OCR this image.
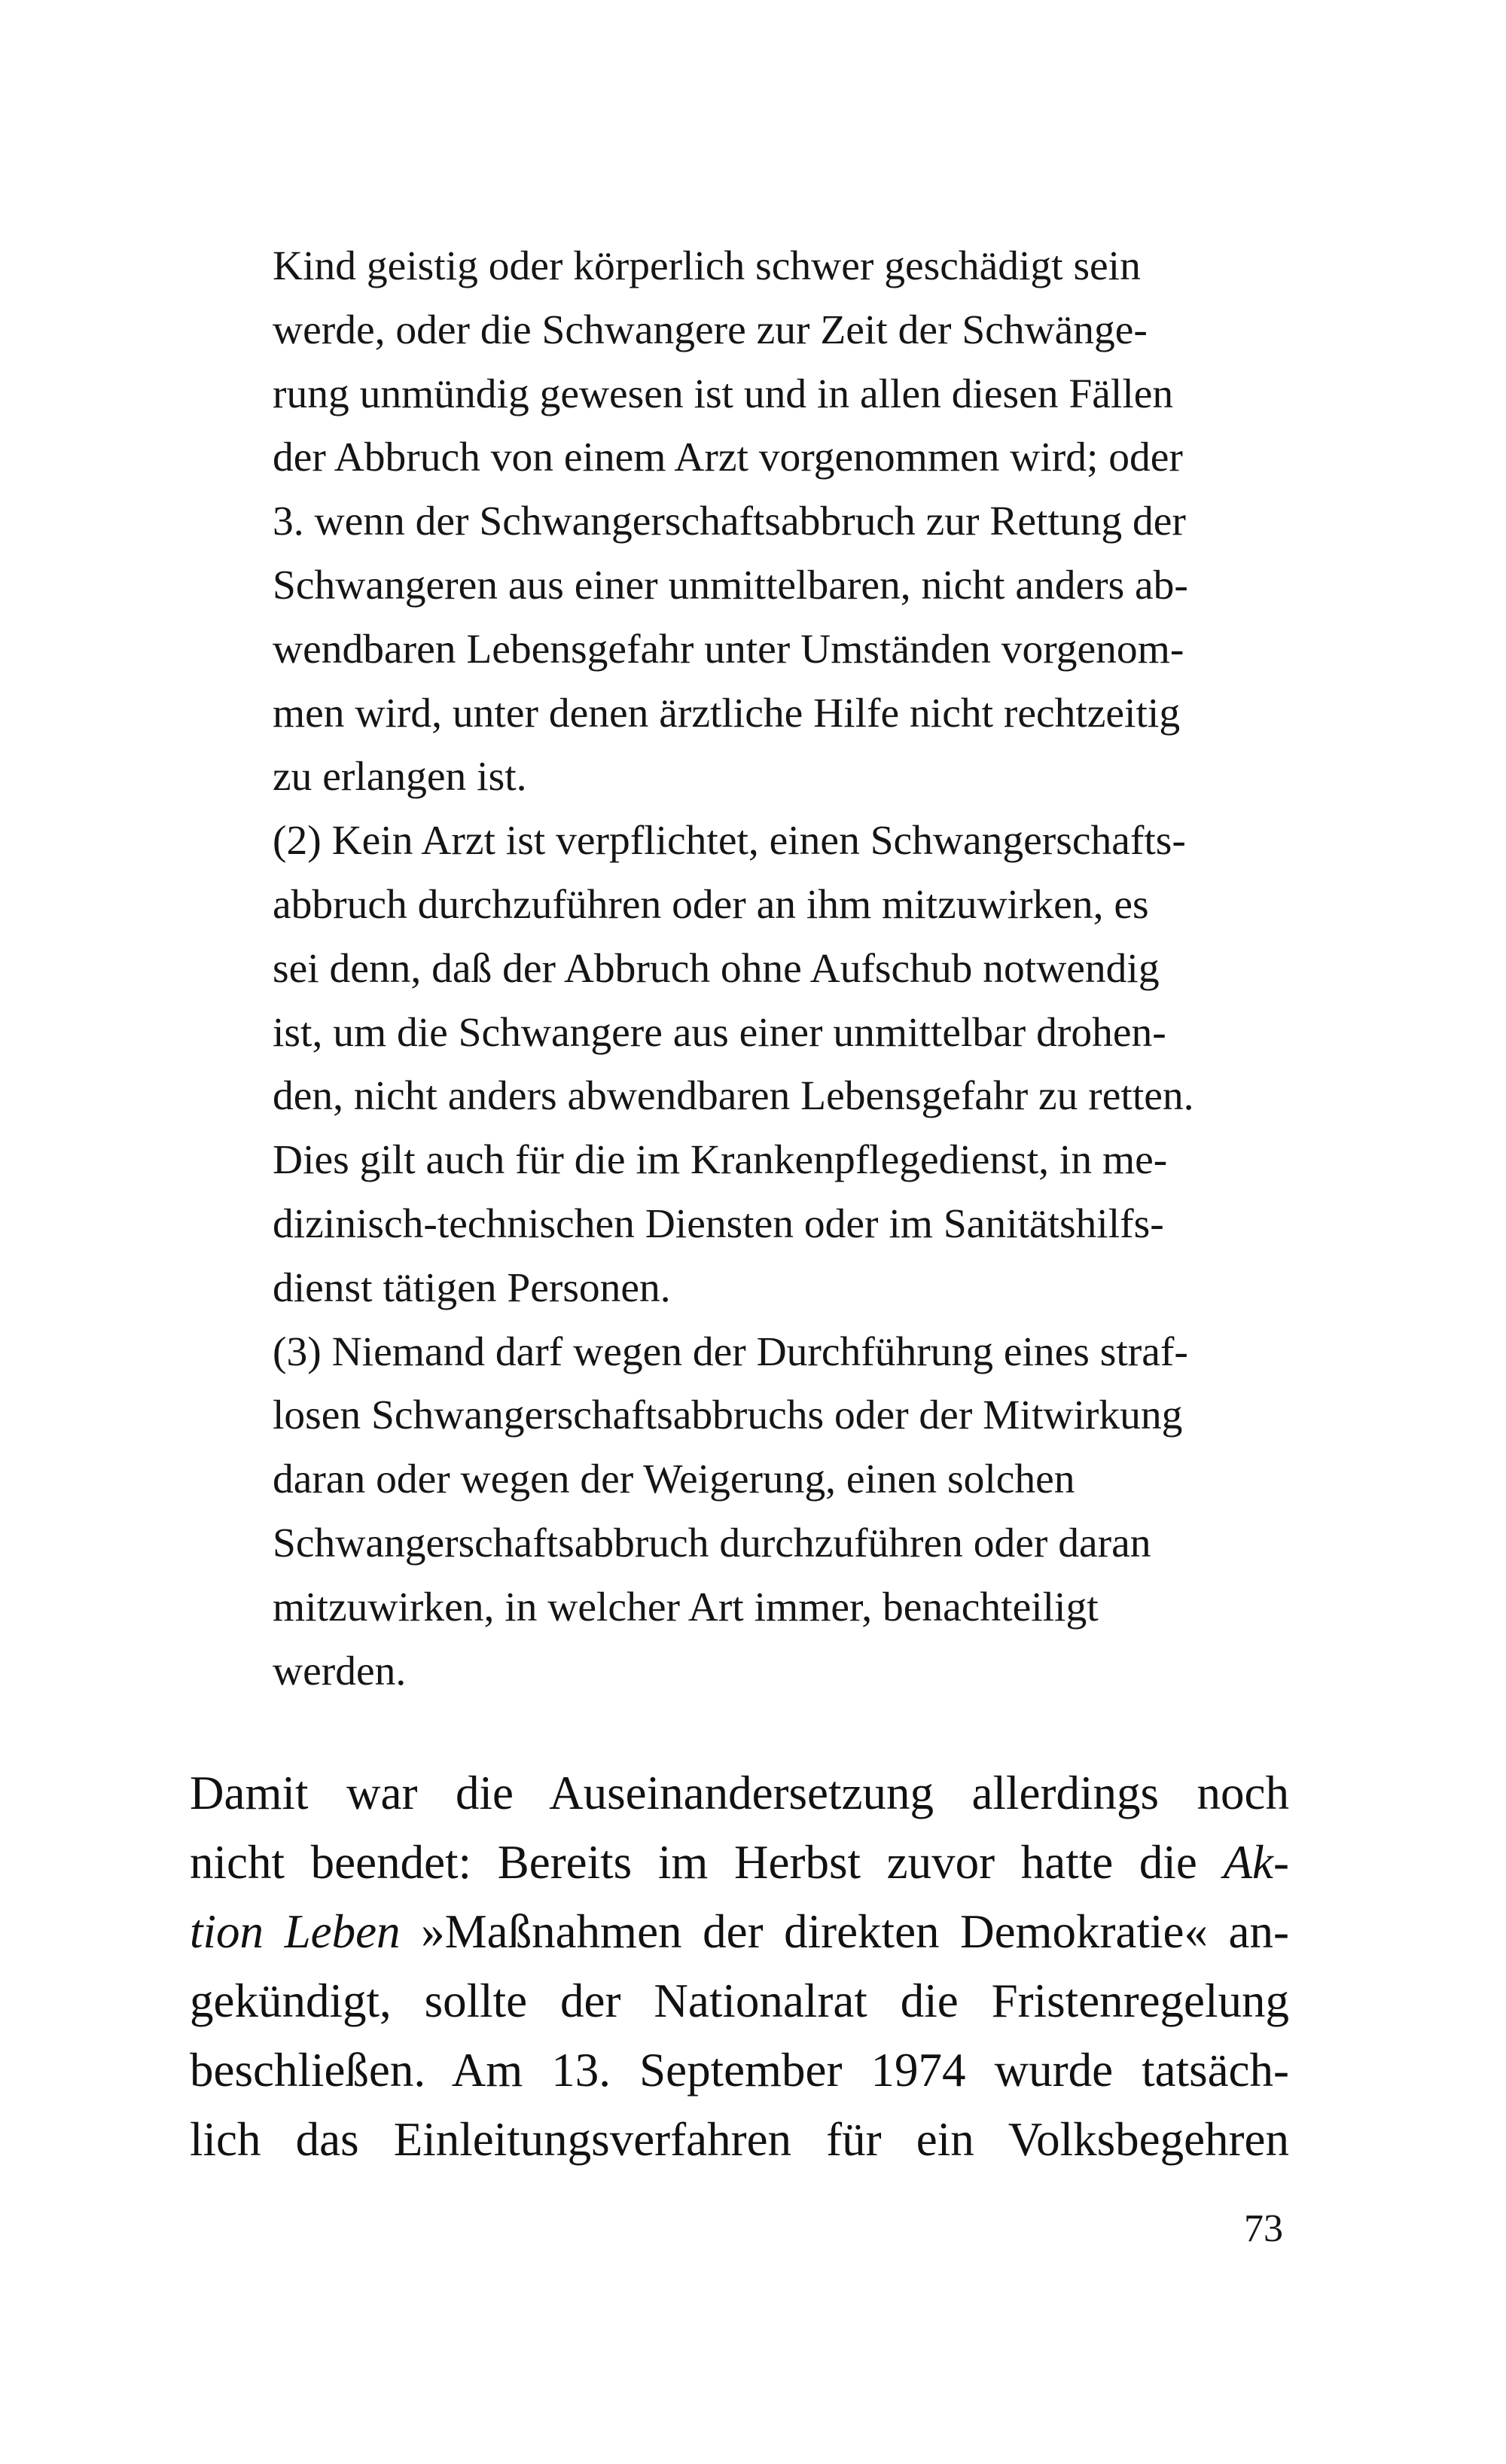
Kind geistig oder körperlich schwer geschädigt sein
werde, oder die Schwangere zur Zeit der Schwänge-
rung unmündig gewesen ist und in allen diesen Fällen
der Abbruch von einem Arzt vorgenommen wird; oder
3. wenn der Schwangerschaftsabbruch zur Rettung der
Schwangeren aus einer unmittelbaren, nicht anders ab-
wendbaren Lebensgefahr unter Umständen vorgenom-
men wird, unter denen ärztliche Hilfe nicht rechtzeitig
zu erlangen ist.
(2) Kein Arzt ist verpflichtet, einen Schwangerschafts-
abbruch durchzuführen oder an ihm mitzuwirken, es
sei denn, daß der Abbruch ohne Aufschub notwendig
ist, um die Schwangere aus einer unmittelbar drohen-
den, nicht anders abwendbaren Lebensgefahr zu retten.
Dies gilt auch für die im Krankenpflegedienst, in me-
dizinisch-technischen Diensten oder im Sanitätshilfs-
dienst tätigen Personen.
(3) Niemand darf wegen der Durchführung eines straf-
losen Schwangerschaftsabbruchs oder der Mitwirkung
daran oder wegen der Weigerung, einen solchen
Schwangerschaftsabbruch durchzuführen oder daran
mitzuwirken, in welcher Art immer, benachteiligt
werden.
Damit war die Auseinandersetzung allerdings noch
nicht beendet: Bereits im Herbst zuvor hatte die Ak-
tion Leben »Maßnahmen der direkten Demokratie« an-
gekündigt, sollte der Nationalrat die Fristenregelung
beschließen. Am 13. September 1974 wurde tatsäch-
lich das Einleitungsverfahren für ein Volksbegehren
73
